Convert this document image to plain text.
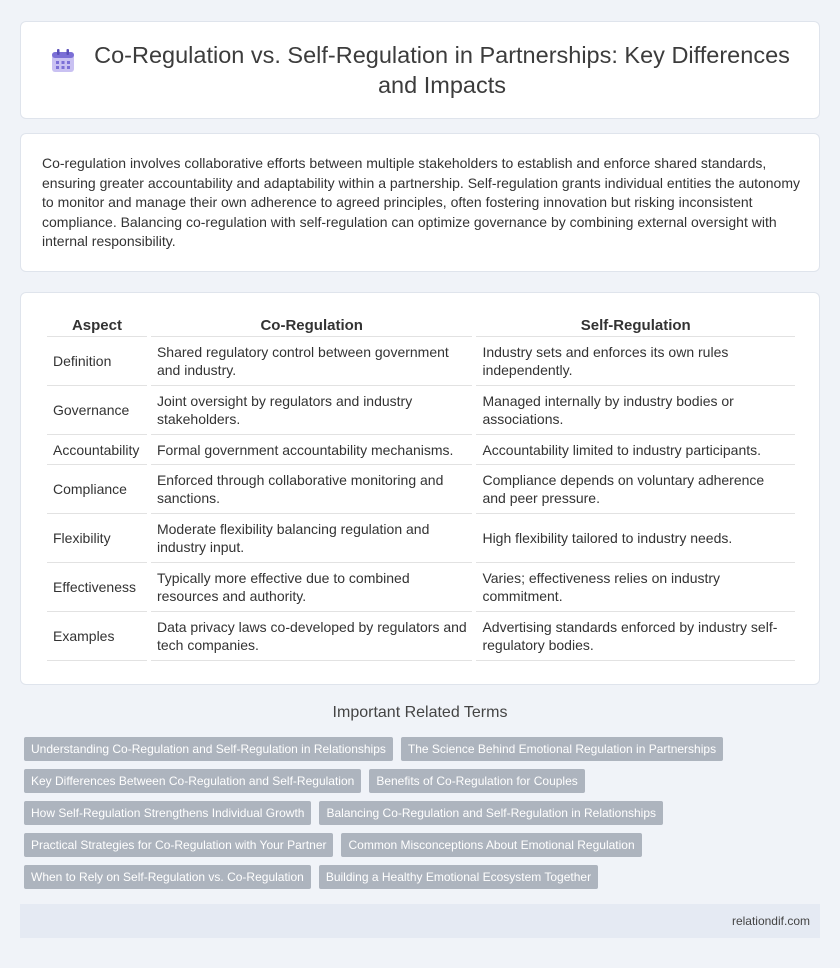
Co-Regulation vs. Self-Regulation in Partnerships: Key Differences and Impacts

Co-regulation involves collaborative efforts between multiple stakeholders to establish and enforce shared standards, ensuring greater accountability and adaptability within a partnership. Self-regulation grants individual entities the autonomy to monitor and manage their own adherence to agreed principles, often fostering innovation but risking inconsistent compliance. Balancing co-regulation with self-regulation can optimize governance by combining external oversight with internal responsibility.

Aspect	Co-Regulation	Self-Regulation
Definition	Shared regulatory control between government and industry.	Industry sets and enforces its own rules independently.
Governance	Joint oversight by regulators and industry stakeholders.	Managed internally by industry bodies or associations.
Accountability	Formal government accountability mechanisms.	Accountability limited to industry participants.
Compliance	Enforced through collaborative monitoring and sanctions.	Compliance depends on voluntary adherence and peer pressure.
Flexibility	Moderate flexibility balancing regulation and industry input.	High flexibility tailored to industry needs.
Effectiveness	Typically more effective due to combined resources and authority.	Varies; effectiveness relies on industry commitment.
Examples	Data privacy laws co-developed by regulators and tech companies.	Advertising standards enforced by industry self-regulatory bodies.
Important Related Terms
Understanding Co-Regulation and Self-Regulation in Relationships	The Science Behind Emotional Regulation in Partnerships
Key Differences Between Co-Regulation and Self-Regulation	Benefits of Co-Regulation for Couples
How Self-Regulation Strengthens Individual Growth	Balancing Co-Regulation and Self-Regulation in Relationships
Practical Strategies for Co-Regulation with Your Partner	Common Misconceptions About Emotional Regulation
When to Rely on Self-Regulation vs. Co-Regulation	Building a Healthy Emotional Ecosystem Together
relationdif.com
